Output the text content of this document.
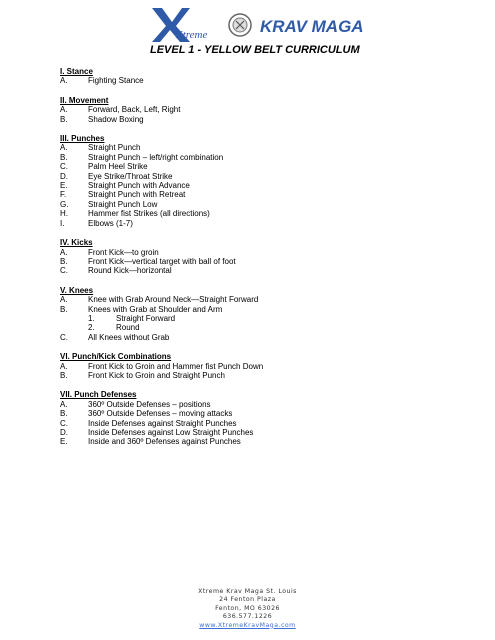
Xtreme	KRAV MAGA
LEVEL 1 - YELLOW BELT CURRICULUM
I. Stance
A.	Fighting Stance
II. Movement
A.	Forward, Back, Left, Right
B.	Shadow Boxing
III. Punches
A.	Straight Punch
B.	Straight Punch – left/right combination
C.	Palm Heel Strike
D.	Eye Strike/Throat Strike
E.	Straight Punch with Advance
F.	Straight Punch with Retreat
G.	Straight Punch Low
H.	Hammer fist Strikes (all directions)
I.	Elbows (1-7)
IV. Kicks
A.	Front Kick—to groin
B.	Front Kick—vertical target with ball of foot
C.	Round Kick—horizontal
V. Knees
A.	Knee with Grab Around Neck—Straight Forward
B.	Knees with Grab at Shoulder and Arm
1.	Straight Forward
2.	Round
C.	All Knees without Grab
VI. Punch/Kick Combinations
A.	Front Kick to Groin and Hammer fist Punch Down
B.	Front Kick to Groin and Straight Punch
VII. Punch Defenses
A.	360º Outside Defenses – positions
B.	360º Outside Defenses – moving attacks
C.	Inside Defenses against Straight Punches
D.	Inside Defenses against Low Straight Punches
E.	Inside and 360º Defenses against Punches
Xtreme Krav Maga St. Louis
24 Fenton Plaza
Fenton, MO 63026
636.577.1226
www.XtremeKravMaga.com
